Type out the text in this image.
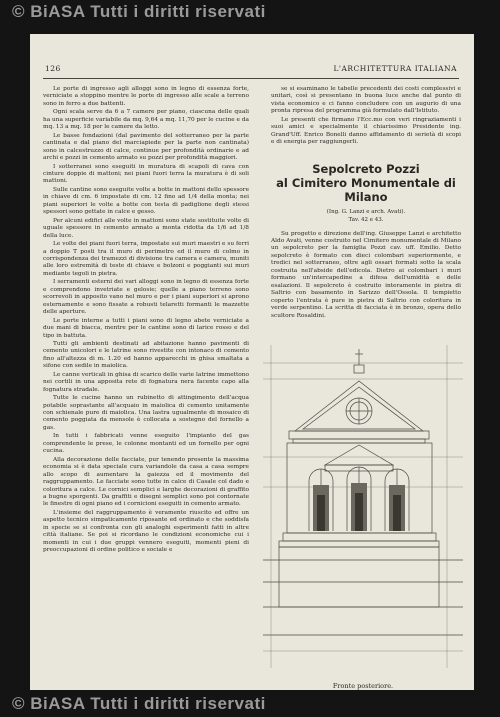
© BiASA Tutti i diritti riservati
126	L'ARCHITETTURA ITALIANA

Le porte di ingresso agli alloggi sono in legno di essenza forte, verniciate a stoppino mentre le porte di ingresso alle scale a terreno sono in ferro a due battenti.

Ogni scala serve da 6 a 7 camere per piano, ciascuna delle quali ha una superficie variabile da mq. 9,64 a mq. 11,70 per le cucine e da mq. 13 a mq. 18 per le camere da letto.

Le basse fondazioni (dal pavimento del sotterraneo per la parte cantinata e dal piano del marciapiede per la parte non cantinata) sono in calcestruzzo di calce, continue per profondità ordinarie e ad archi e pozzi in cemento armato su pozzi per profondità maggiori.

I sotterranei sono eseguiti in muratura di scapoli di cava con cinture doppie di mattoni; nei piani fuori terra la muratura è di soli mattoni.

Sulle cantine sono eseguite volte a botte in mattoni dello spessore in chiave di cm. 6 impostate di cm. 12 fino ad 1/4 della monta; nei piani superiori le volte a botte con testa di padiglione degli stessi spessori sono gettate in calce e gesso.

Per alcuni edifici alle volte in mattoni sono state sostituite volte di uguale spessore in cemento armato a monta ridotta da 1/6 ad 1/8 della luce.

Le volte dei piani fuori terra, impostate sui muri maestri e su ferri a doppio T posti tra il muro di perimetro ed il muro di colmo in corrispondenza dei tramezzi di divisione tra camera e camera, muniti alle loro estremità di teste di chiave e bolzoni e poggianti sui muri mediante tegoli in pietra.

I serramenti esterni dei vari alloggi sono in legno di essenza forte e comprendono invetriate e gelosie; quelle a piano terreno sono scorrevoli in apposito vano nel muro e per i piani superiori si aprono esternamente e sono fissate a robusti telaretti formanti le mazzette delle aperture.

Le porte interne a tutti i piani sono di legno abete verniciate a due mani di biacca, mentre per le cantine sono di larice rosso e del tipo in battuta.

Tutti gli ambienti destinati ad abitazione hanno pavimenti di cemento unicolori e le latrine sono rivestite con intonaco di cemento fino all'altezza di m. 1.20 ed hanno apparecchi in ghisa smaltata a sifone con sedile in maiolica.

Le canne verticali in ghisa di scarico delle varie latrine immettono nei cortili in una apposita rete di fognatura nera facente capo alla fognatura stradale.

Tutte le cucine hanno un rubinetto di attingimento dell'acqua potabile soprastante all'acquaio in maiolica di cemento unitamente con schienale pure di maiolica. Una lastra ugualmente di mosaico di cemento poggiata da mensole è collocata a sostegno del fornello a gas.

In tutti i fabbricati venne eseguito l'impianto del gas comprendente le prese, le colonne montanti ed un fornello per ogni cucina.

Alla decorazione delle facciate, pur tenendo presente la massima economia si è data speciale cura variandole da casa a casa sempre allo scopo di aumentare la gaiezza ed il movimento del raggruppamento. Le facciate sono tutte in calce di Casale col dado e coloritura a calce. Le cornici semplici e larghe decorazioni di graffito a bugne sporgenti. Da graffiti e disegni semplici sono poi contornate le finestre di ogni piano ed i cornicioni eseguiti in cemento armato.

L'insieme del raggruppamento è veramente riuscito ed offre un aspetto tecnico simpaticamente riposante ed ordinato e che soddisfa in specie se si confronta con gli analoghi esperimenti fatti in altre città italiane. Se poi si ricordano le condizioni economiche cui i momenti in cui i due gruppi vennero eseguiti, momenti pieni di preoccupazioni di ordine politico e sociale e

se si esaminano le tabelle precedenti dei costi complessivi e unitari, così si presentano in buona luce anche dal punto di vista economico e ci fanno concludere con un augurio di una pronta ripresa del programma già formulato dall'Istituto.

Le presenti che firmano l'Ecc.mo con veri ringraziamenti i suoi amici e specialmente il chiarissimo Presidente ing. Grand'Uff. Enrico Bonelli danno affidamento di serietà di scopi e di energia per raggiungerli.

Sepolcreto Pozzi
al Cimitero Monumentale di Milano
(Ing. G. Lanzi e arch. Avati).
Tav. 42 e 43.

Su progetto e direzione dell'ing. Giuseppe Lanzi e architetto Aldo Avati, venne costruito nel Cimitero monumentale di Milano un sepolcreto per la famiglia Pozzi cav. uff. Emilio. Detto sepolcreto è formato con dieci colombari superiormente, e tredici nel sotterraneo, oltre agli ossari formati sotto la scala costruita nell'abside dell'edicola. Dietro ai colombari i muri formano un'intercapedine a difesa dell'umidità e delle esalazioni. Il sepolcreto è costruito interamente in pietra di Saltrio con basamento in Sarizzo dell'Ossola. Il tempietto coperto l'entrata è pure in pietra di Saltrio con coloritura in verde serpentino. La scritta di facciata è in bronzo, opera dello scultore Rosaldini.

Fronte posteriore.
© BiASA Tutti i diritti riservati
